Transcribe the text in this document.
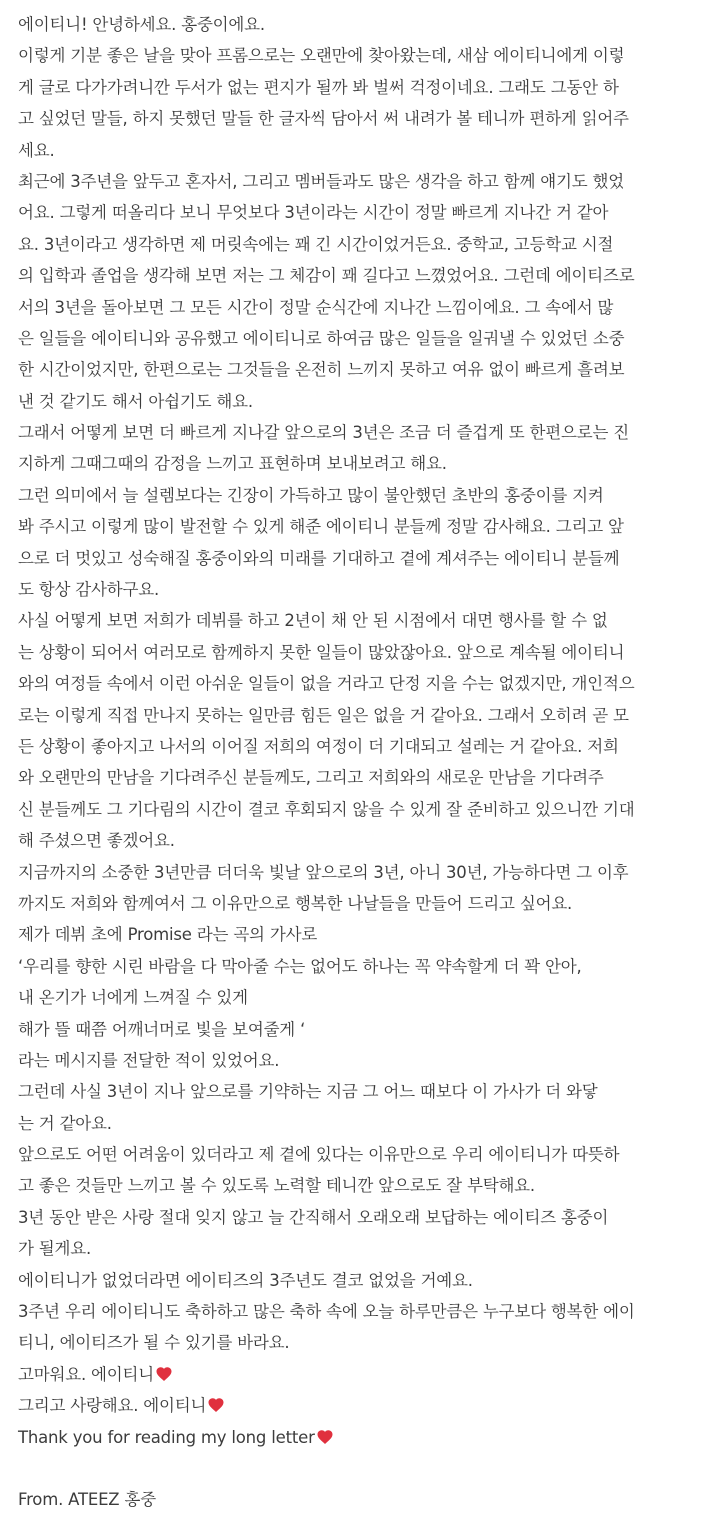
에이티니! 안녕하세요. 홍중이에요.
이렇게 기분 좋은 날을 맞아 프롬으로는 오랜만에 찾아왔는데, 새삼 에이티니에게 이렇
게 글로 다가가려니깐 두서가 없는 편지가 될까 봐 벌써 걱정이네요. 그래도 그동안 하
고 싶었던 말들, 하지 못했던 말들 한 글자씩 담아서 써 내려가 볼 테니까 편하게 읽어주
세요.
최근에 3주년을 앞두고 혼자서, 그리고 멤버들과도 많은 생각을 하고 함께 얘기도 했었
어요. 그렇게 떠올리다 보니 무엇보다 3년이라는 시간이 정말 빠르게 지나간 거 같아
요. 3년이라고 생각하면 제 머릿속에는 꽤 긴 시간이었거든요. 중학교, 고등학교 시절
의 입학과 졸업을 생각해 보면 저는 그 체감이 꽤 길다고 느꼈었어요. 그런데 에이티즈로
서의 3년을 돌아보면 그 모든 시간이 정말 순식간에 지나간 느낌이에요. 그 속에서 많
은 일들을 에이티니와 공유했고 에이티니로 하여금 많은 일들을 일궈낼 수 있었던 소중
한 시간이었지만, 한편으로는 그것들을 온전히 느끼지 못하고 여유 없이 빠르게 흘려보
낸 것 같기도 해서 아쉽기도 해요.
그래서 어떻게 보면 더 빠르게 지나갈 앞으로의 3년은 조금 더 즐겁게 또 한편으로는 진
지하게 그때그때의 감정을 느끼고 표현하며 보내보려고 해요.
그런 의미에서 늘 설렘보다는 긴장이 가득하고 많이 불안했던 초반의 홍중이를 지켜
봐 주시고 이렇게 많이 발전할 수 있게 해준 에이티니 분들께 정말 감사해요. 그리고 앞
으로 더 멋있고 성숙해질 홍중이와의 미래를 기대하고 곁에 계셔주는 에이티니 분들께
도 항상 감사하구요.
사실 어떻게 보면 저희가 데뷔를 하고 2년이 채 안 된 시점에서 대면 행사를 할 수 없
는 상황이 되어서 여러모로 함께하지 못한 일들이 많았잖아요. 앞으로 계속될 에이티니
와의 여정들 속에서 이런 아쉬운 일들이 없을 거라고 단정 지을 수는 없겠지만, 개인적으
로는 이렇게 직접 만나지 못하는 일만큼 힘든 일은 없을 거 같아요. 그래서 오히려 곧 모
든 상황이 좋아지고 나서의 이어질 저희의 여정이 더 기대되고 설레는 거 같아요. 저희
와 오랜만의 만남을 기다려주신 분들께도, 그리고 저희와의 새로운 만남을 기다려주
신 분들께도 그 기다림의 시간이 결코 후회되지 않을 수 있게 잘 준비하고 있으니깐 기대
해 주셨으면 좋겠어요.
지금까지의 소중한 3년만큼 더더욱 빛날 앞으로의 3년, 아니 30년, 가능하다면 그 이후
까지도 저희와 함께여서 그 이유만으로 행복한 나날들을 만들어 드리고 싶어요.
제가 데뷔 초에 Promise 라는 곡의 가사로
‘우리를 향한 시린 바람을 다 막아줄 수는 없어도 하나는 꼭 약속할게 더 꽉 안아,
내 온기가 너에게 느껴질 수 있게
해가 뜰 때쯤 어깨너머로 빛을 보여줄게 ‘
라는 메시지를 전달한 적이 있었어요.
그런데 사실 3년이 지나 앞으로를 기약하는 지금 그 어느 때보다 이 가사가 더 와닿
는 거 같아요.
앞으로도 어떤 어려움이 있더라고 제 곁에 있다는 이유만으로 우리 에이티니가 따뜻하
고 좋은 것들만 느끼고 볼 수 있도록 노력할 테니깐 앞으로도 잘 부탁해요.
3년 동안 받은 사랑 절대 잊지 않고 늘 간직해서 오래오래 보답하는 에이티즈 홍중이
가 될게요.
에이티니가 없었더라면 에이티즈의 3주년도 결코 없었을 거예요.
3주년 우리 에이티니도 축하하고 많은 축하 속에 오늘 하루만큼은 누구보다 행복한 에이
티니, 에이티즈가 될 수 있기를 바라요.
고마워요. 에이티니
그리고 사랑해요. 에이티니
Thank you for reading my long letter
From. ATEEZ 홍중
